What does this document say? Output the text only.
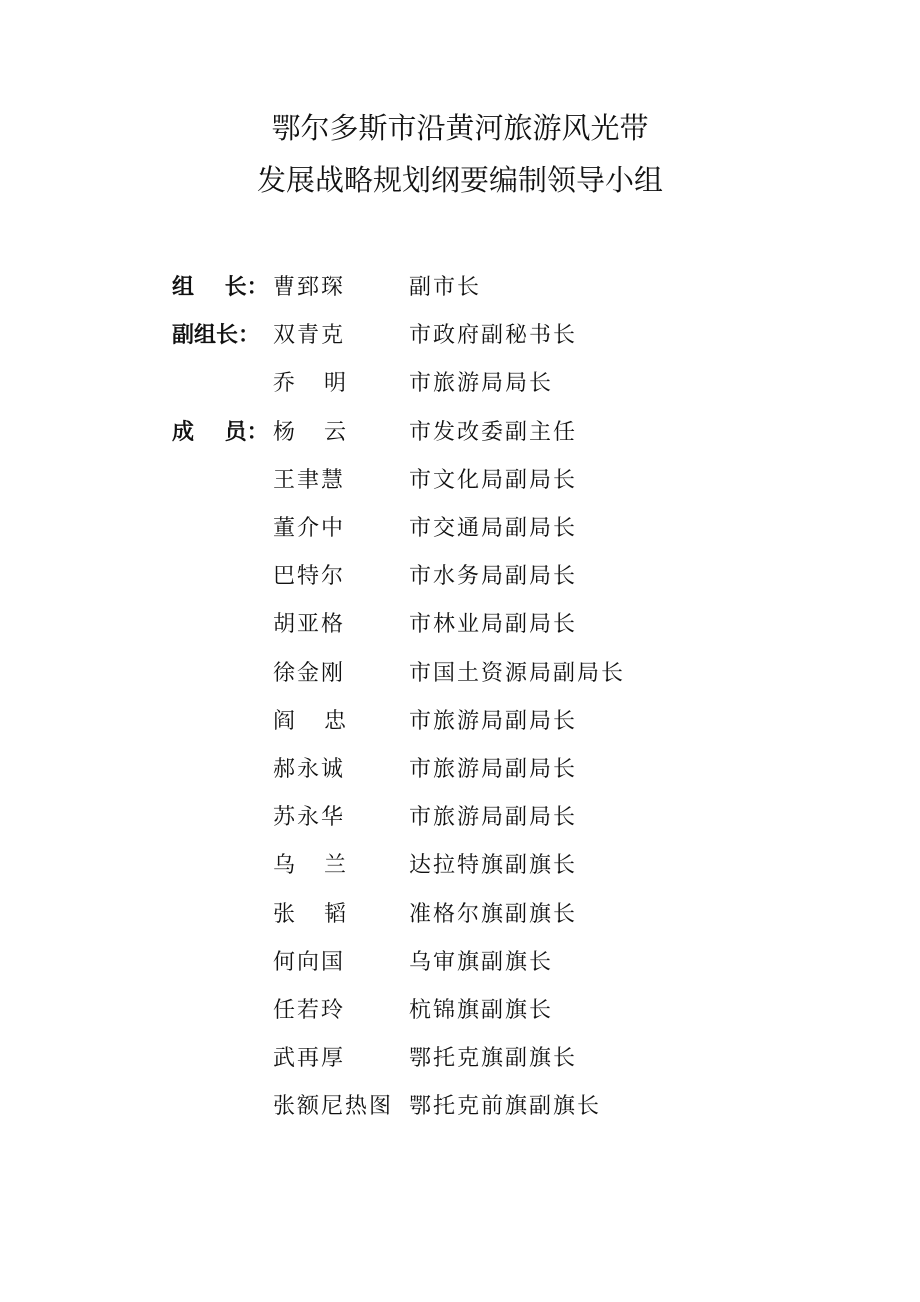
鄂尔多斯市沿黄河旅游风光带
发展战略规划纲要编制领导小组
组    长： 曹郅琛	副市长
副组长： 双青克	市政府副秘书长
乔   明	市旅游局局长
成    员： 杨   云	市发改委副主任
王聿慧	市文化局副局长
董介中	市交通局副局长
巴特尔	市水务局副局长
胡亚格	市林业局副局长
徐金刚	市国土资源局副局长
阎   忠	市旅游局副局长
郝永诚	市旅游局副局长
苏永华	市旅游局副局长
乌   兰	达拉特旗副旗长
张   韬	准格尔旗副旗长
何向国	乌审旗副旗长
任若玲	杭锦旗副旗长
武再厚	鄂托克旗副旗长
张额尼热图 鄂托克前旗副旗长
